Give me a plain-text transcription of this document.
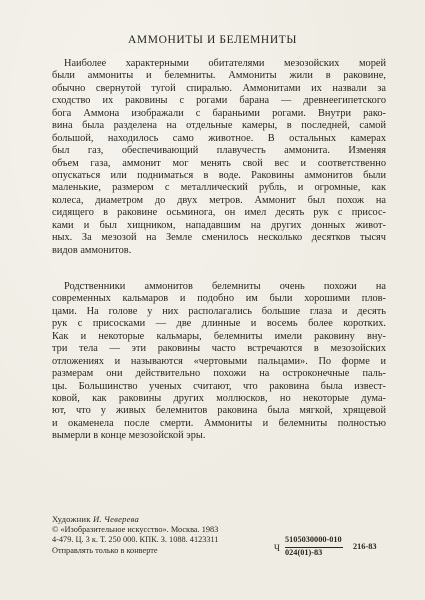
АММОНИТЫ И БЕЛЕМНИТЫ
Наиболее характерными обитателями мезозойских морей
были аммониты и белемниты. Аммониты жили в раковине,
обычно свернутой тугой спиралью. Аммонитами их назвали за
сходство их раковины с рогами барана — древнеегипетского
бога Аммона изображали с бараньими рогами. Внутри рако-
вина была разделена на отдельные камеры, в последней, самой
большой, находилось само животное. В остальных камерах
был газ, обеспечивающий плавучесть аммонита. Изменяя
объем газа, аммонит мог менять свой вес и соответственно
опускаться или подниматься в воде. Раковины аммонитов были
маленькие, размером с металлический рубль, и огромные, как
колеса, диаметром до двух метров. Аммонит был похож на
сидящего в раковине осьминога, он имел десять рук с присос-
ками и был хищником, нападавшим на других донных живот-
ных. За мезозой на Земле сменилось несколько десятков тысяч
видов аммонитов.
Родственники аммонитов белемниты очень похожи на
современных кальмаров и подобно им были хорошими плов-
цами. На голове у них располагались большие глаза и десять
рук с присосками — две длинные и восемь более коротких.
Как и некоторые кальмары, белемниты имели раковину вну-
три тела — эти раковины часто встречаются в мезозойских
отложениях и называются «чертовыми пальцами». По форме и
размерам они действительно похожи на остроконечные паль-
цы. Большинство ученых считают, что раковина была извест-
ковой, как раковины других моллюсков, но некоторые дума-
ют, что у живых белемнитов раковина была мягкой, хрящевой
и окаменела после смерти. Аммониты и белемниты полностью
вымерли в конце мезозойской эры.
Художник И. Чеверева
© «Изобразительное искусство». Москва. 1983
4-479. Ц. 3 к. Т. 250 000. КПК. З. 1088. 4123311
Отправлять только в конверте	Ч
5105030000-010
024(01)-83
216-83
